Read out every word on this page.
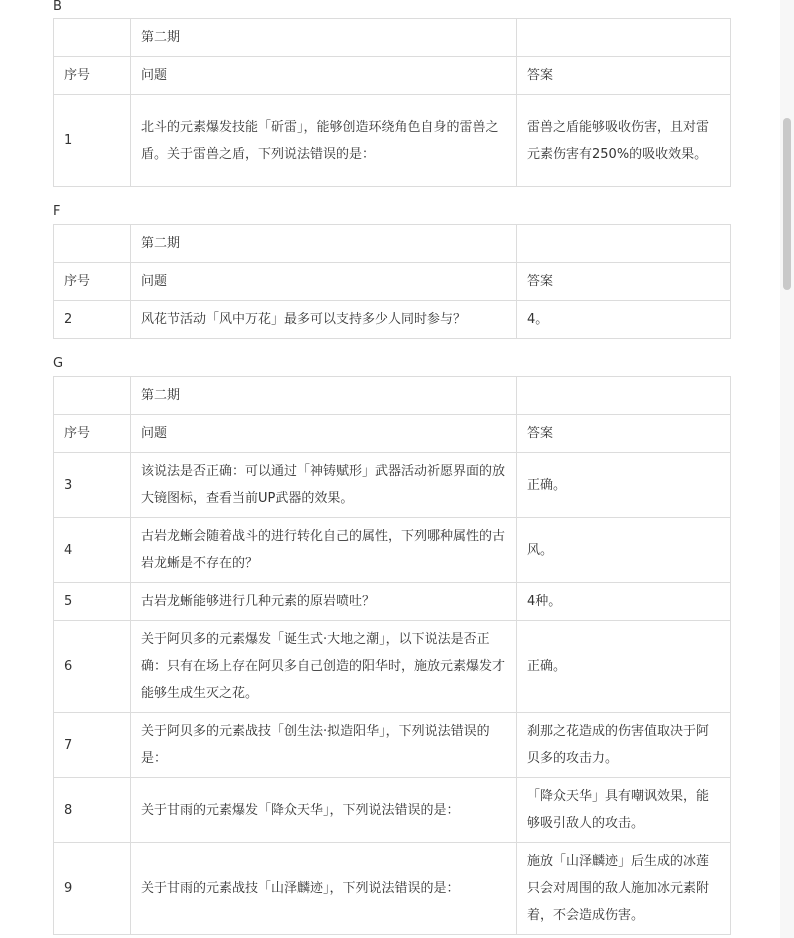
B
	第二期	
序号	问题	答案
1	北斗的元素爆发技能「斫雷」，能够创造环绕角色自身的雷兽之盾。关于雷兽之盾，下列说法错误的是：	雷兽之盾能够吸收伤害，且对雷元素伤害有250%的吸收效果。
F
	第二期	
序号	问题	答案
2	风花节活动「风中万花」最多可以支持多少人同时参与？	4。
G
	第二期	
序号	问题	答案
3	该说法是否正确：可以通过「神铸赋形」武器活动祈愿界面的放大镜图标，查看当前UP武器的效果。	正确。
4	古岩龙蜥会随着战斗的进行转化自己的属性，下列哪种属性的古岩龙蜥是不存在的？	风。
5	古岩龙蜥能够进行几种元素的原岩喷吐？	4种。
6	关于阿贝多的元素爆发「诞生式·大地之潮」，以下说法是否正确：只有在场上存在阿贝多自己创造的阳华时，施放元素爆发才能够生成生灭之花。	正确。
7	关于阿贝多的元素战技「创生法·拟造阳华」，下列说法错误的是：	刹那之花造成的伤害值取决于阿贝多的攻击力。
8	关于甘雨的元素爆发「降众天华」，下列说法错误的是：	「降众天华」具有嘲讽效果，能够吸引敌人的攻击。
9	关于甘雨的元素战技「山泽麟迹」，下列说法错误的是：	施放「山泽麟迹」后生成的冰莲只会对周围的敌人施加冰元素附着，不会造成伤害。
